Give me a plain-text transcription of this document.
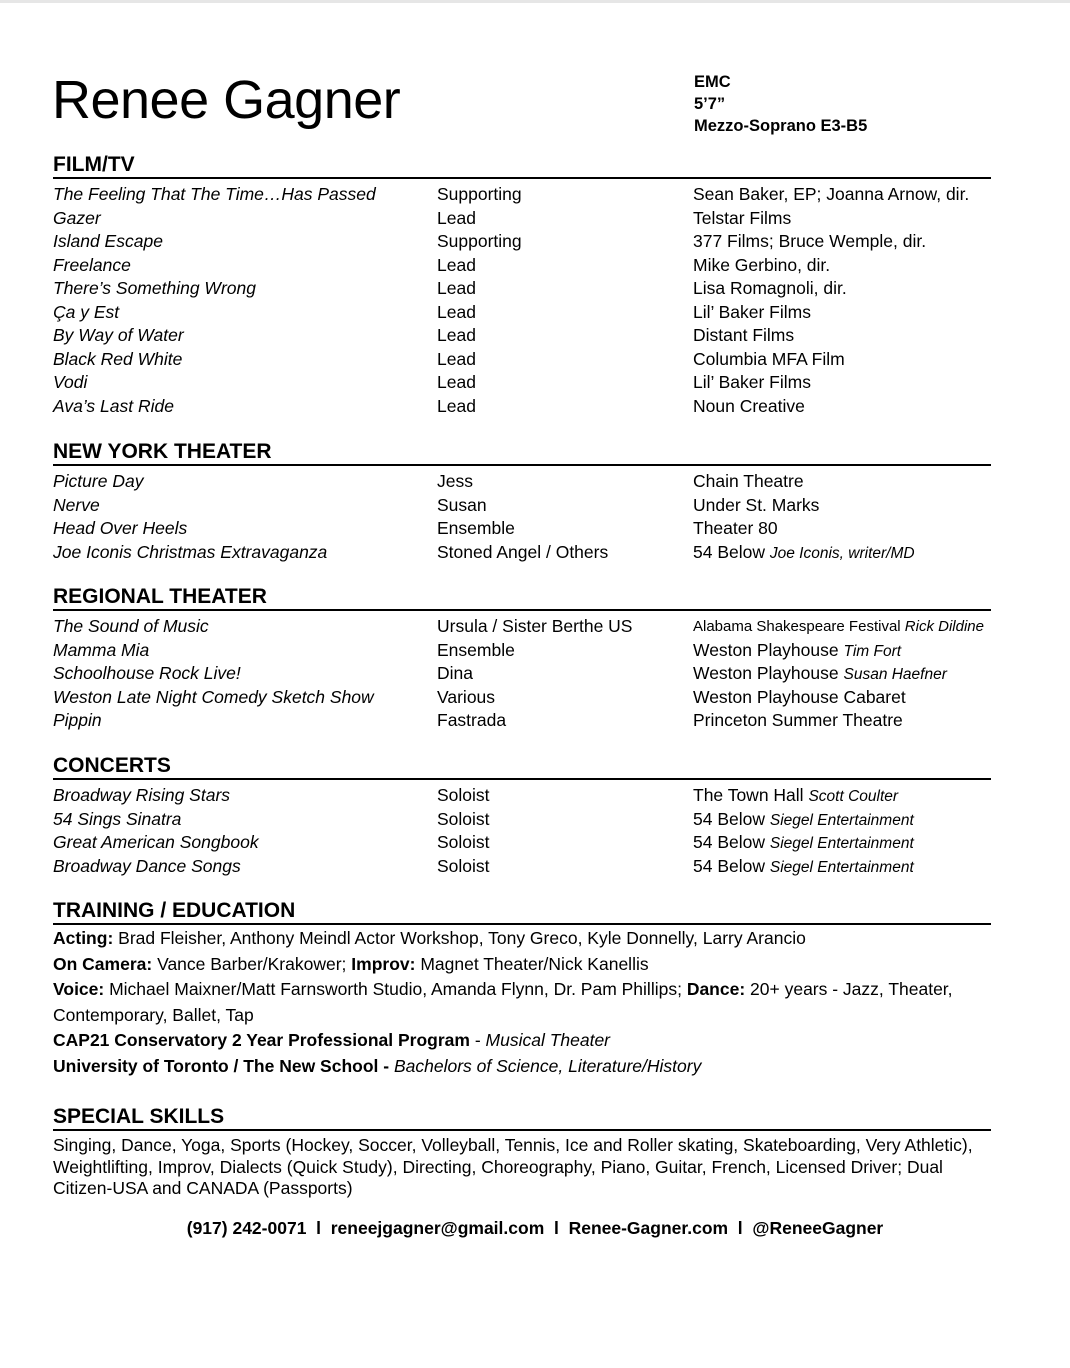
Renee Gagner	EMC
5’7”
Mezzo-Soprano E3-B5
FILM/TV
The Feeling That The Time…Has Passed	Supporting	Sean Baker, EP; Joanna Arnow, dir.
Gazer	Lead	Telstar Films
Island Escape	Supporting	377 Films; Bruce Wemple, dir.
Freelance	Lead	Mike Gerbino, dir.
There’s Something Wrong	Lead	Lisa Romagnoli, dir.
Ça y Est	Lead	Lil’ Baker Films
By Way of Water	Lead	Distant Films
Black Red White	Lead	Columbia MFA Film
Vodi	Lead	Lil’ Baker Films
Ava’s Last Ride	Lead	Noun Creative
NEW YORK THEATER
Picture Day	Jess	Chain Theatre
Nerve	Susan	Under St. Marks
Head Over Heels	Ensemble	Theater 80
Joe Iconis Christmas Extravaganza	Stoned Angel / Others	54 Below Joe Iconis, writer/MD
REGIONAL THEATER
The Sound of Music	Ursula / Sister Berthe US	Alabama Shakespeare Festival Rick Dildine
Mamma Mia	Ensemble	Weston Playhouse Tim Fort
Schoolhouse Rock Live!	Dina	Weston Playhouse Susan Haefner
Weston Late Night Comedy Sketch Show	Various	Weston Playhouse Cabaret
Pippin	Fastrada	Princeton Summer Theatre
CONCERTS
Broadway Rising Stars	Soloist	The Town Hall Scott Coulter
54 Sings Sinatra	Soloist	54 Below Siegel Entertainment
Great American Songbook	Soloist	54 Below Siegel Entertainment
Broadway Dance Songs	Soloist	54 Below Siegel Entertainment
TRAINING / EDUCATION
Acting: Brad Fleisher, Anthony Meindl Actor Workshop, Tony Greco, Kyle Donnelly, Larry Arancio
On Camera: Vance Barber/Krakower; Improv: Magnet Theater/Nick Kanellis
Voice: Michael Maixner/Matt Farnsworth Studio, Amanda Flynn, Dr. Pam Phillips; Dance: 20+ years - Jazz, Theater, Contemporary, Ballet, Tap
CAP21 Conservatory 2 Year Professional Program - Musical Theater
University of Toronto / The New School - Bachelors of Science, Literature/History
SPECIAL SKILLS
Singing, Dance, Yoga, Sports (Hockey, Soccer, Volleyball, Tennis, Ice and Roller skating, Skateboarding, Very Athletic), Weightlifting, Improv, Dialects (Quick Study), Directing, Choreography, Piano, Guitar, French, Licensed Driver; Dual Citizen-USA and CANADA (Passports)
(917) 242-0071  l  reneejgagner@gmail.com  l  Renee-Gagner.com  l  @ReneeGagner
